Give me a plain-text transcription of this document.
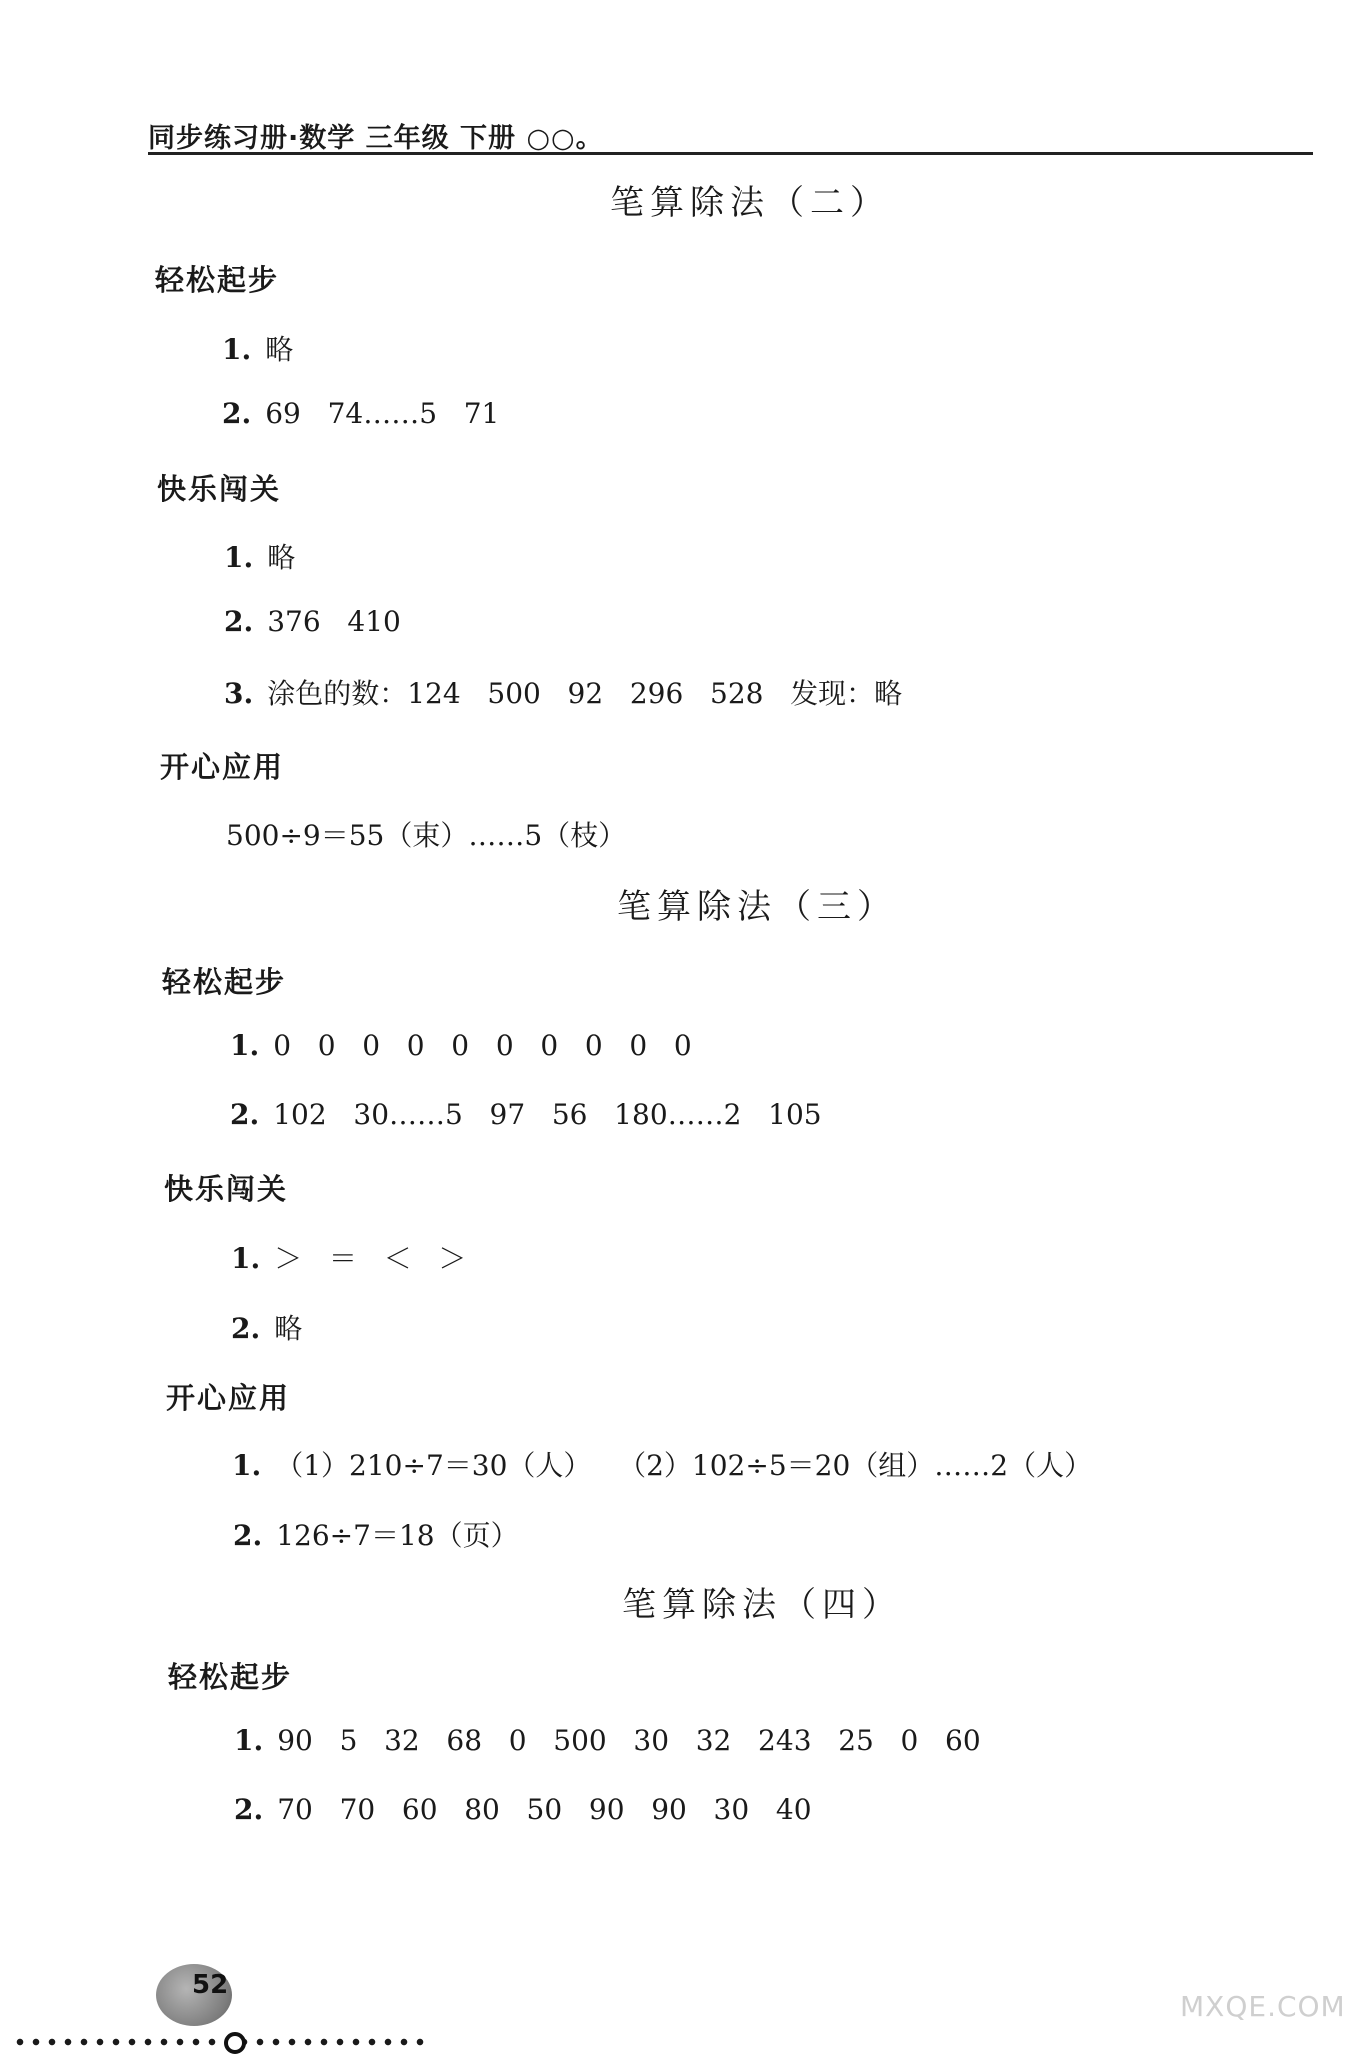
同步练习册·数学 三年级 下册 ○○。
笔算除法（二）
轻松起步
1. 略
2. 69   74……5   71
快乐闯关
1. 略
2. 376   410
3. 涂色的数：124   500   92   296   528   发现：略
开心应用
500÷9＝55（束）……5（枝）
笔算除法（三）
轻松起步
1. 0   0   0   0   0   0   0   0   0   0
2. 102   30……5   97   56   180……2   105
快乐闯关
1. ＞   ＝   ＜   ＞
2. 略
开心应用
1. （1）210÷7＝30（人）   （2）102÷5＝20（组）……2（人）
2. 126÷7＝18（页）
笔算除法（四）
轻松起步
1. 90   5   32   68   0   500   30   32   243   25   0   60
2. 70   70   60   80   50   90   90   30   40
52
MXQE.COM
